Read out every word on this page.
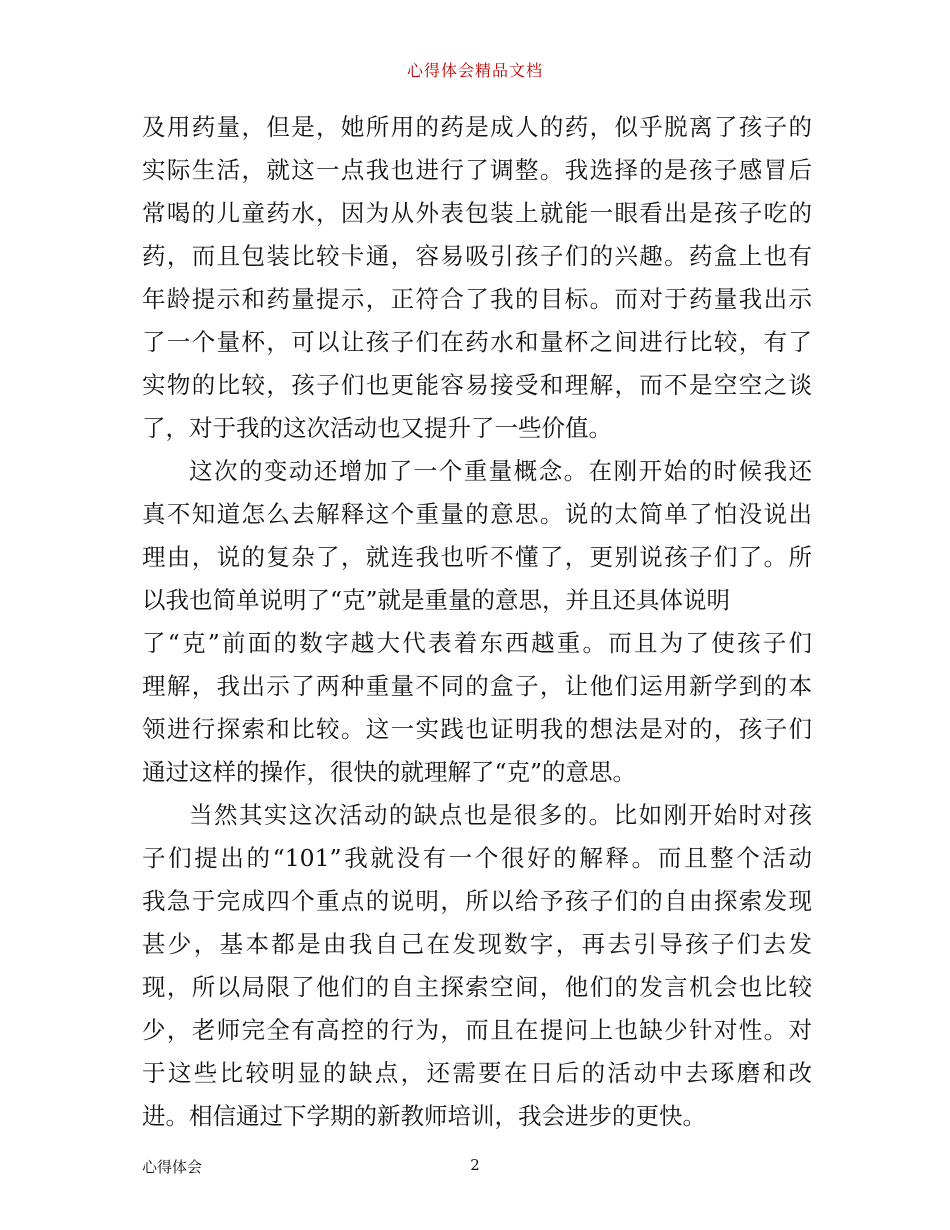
心得体会精品文档
及用药量，但是，她所用的药是成人的药，似乎脱离了孩子的
实际生活，就这一点我也进行了调整。我选择的是孩子感冒后
常喝的儿童药水，因为从外表包装上就能一眼看出是孩子吃的
药，而且包装比较卡通，容易吸引孩子们的兴趣。药盒上也有
年龄提示和药量提示，正符合了我的目标。而对于药量我出示
了一个量杯，可以让孩子们在药水和量杯之间进行比较，有了
实物的比较，孩子们也更能容易接受和理解，而不是空空之谈
了，对于我的这次活动也又提升了一些价值。
这次的变动还增加了一个重量概念。在刚开始的时候我还
真不知道怎么去解释这个重量的意思。说的太简单了怕没说出
理由，说的复杂了，就连我也听不懂了，更别说孩子们了。所
以我也简单说明了“克”就是重量的意思，并且还具体说明
了“克”前面的数字越大代表着东西越重。而且为了使孩子们
理解，我出示了两种重量不同的盒子，让他们运用新学到的本
领进行探索和比较。这一实践也证明我的想法是对的，孩子们
通过这样的操作，很快的就理解了“克”的意思。
当然其实这次活动的缺点也是很多的。比如刚开始时对孩
子们提出的“101”我就没有一个很好的解释。而且整个活动
我急于完成四个重点的说明，所以给予孩子们的自由探索发现
甚少，基本都是由我自己在发现数字，再去引导孩子们去发
现，所以局限了他们的自主探索空间，他们的发言机会也比较
少，老师完全有高控的行为，而且在提问上也缺少针对性。对
于这些比较明显的缺点，还需要在日后的活动中去琢磨和改
进。相信通过下学期的新教师培训，我会进步的更快。
心得体会	2
